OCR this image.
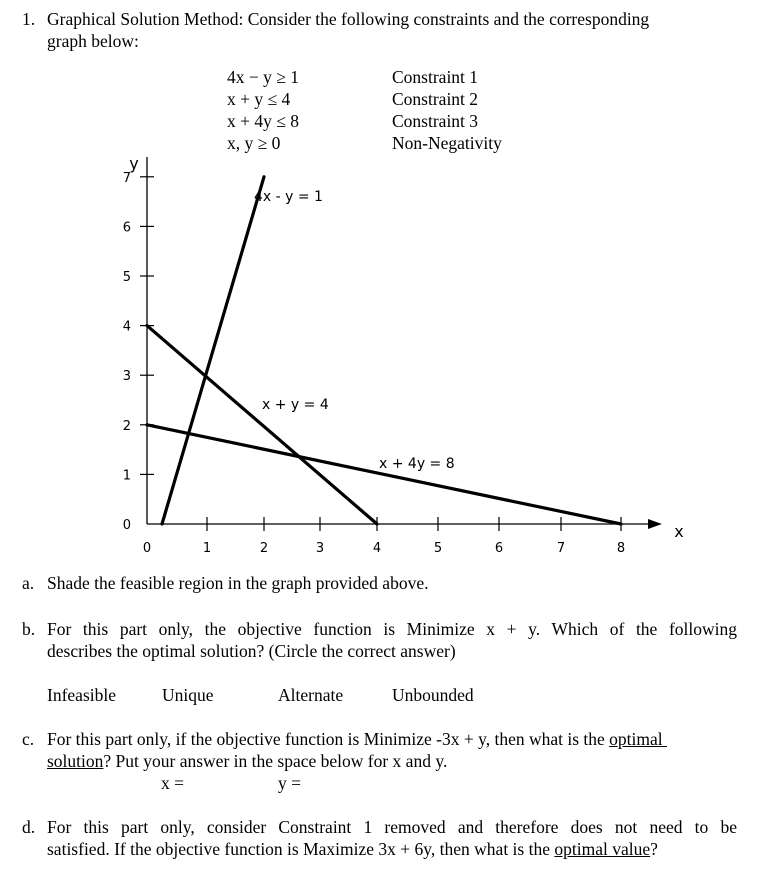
1. Graphical Solution Method: Consider the following constraints and the corresponding
graph below:
4x − y ≥ 1	Constraint 1
x + y ≤ 4	Constraint 2
x + 4y ≤ 8	Constraint 3
x, y ≥ 0	Non-Negativity
0
1
2
3
4
5
6
7
0	1	2	3	4	5	6	7	8
y
x
4x - y = 1
x + y = 4
x + 4y = 8
a. Shade the feasible region in the graph provided above.
b. For this part only, the objective function is Minimize x + y. Which of the following
describes the optimal solution? (Circle the correct answer)
Infeasible	Unique	Alternate	Unbounded
c. For this part only, if the objective function is Minimize -3x + y, then what is the optimal
solution? Put your answer in the space below for x and y.
x =	y =
d. For this part only, consider Constraint 1 removed and therefore does not need to be
satisfied. If the objective function is Maximize 3x + 6y, then what is the optimal value?
